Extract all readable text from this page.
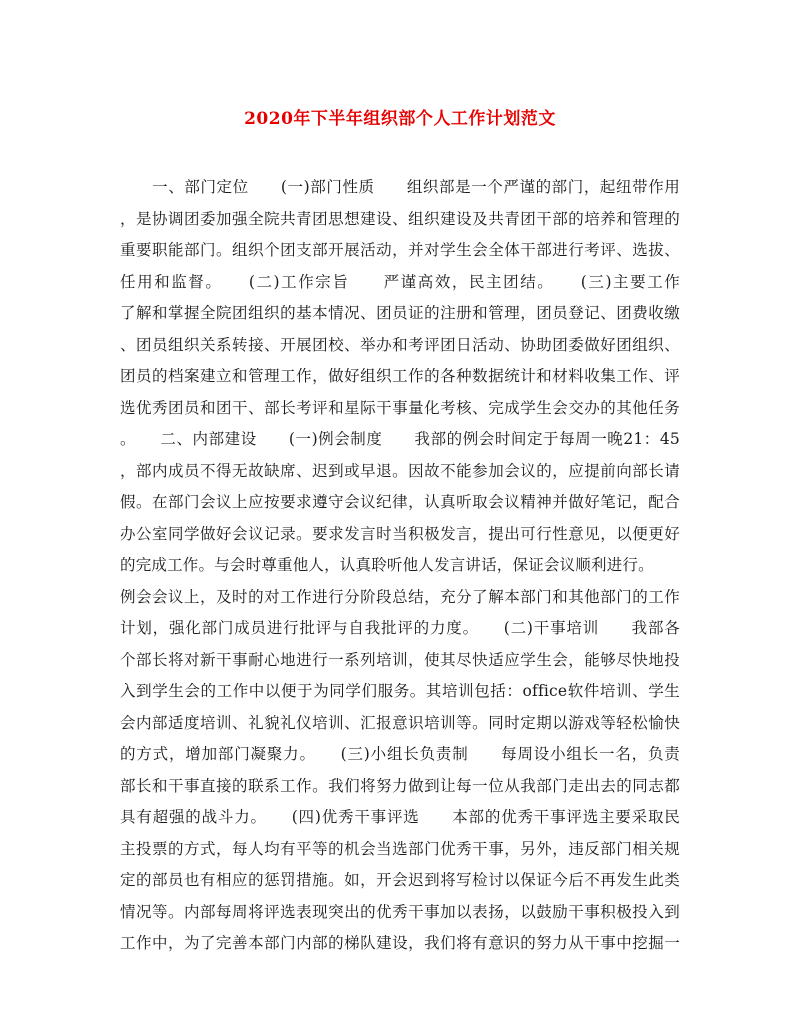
2020年下半年组织部个人工作计划范文
　　一、部门定位　　(一)部门性质　　组织部是一个严谨的部门，起纽带作用
，是协调团委加强全院共青团思想建设、组织建设及共青团干部的培养和管理的
重要职能部门。组织个团支部开展活动，并对学生会全体干部进行考评、选拔、
任用和监督。　　(二)工作宗旨　　严谨高效，民主团结。　　(三)主要工作
了解和掌握全院团组织的基本情况、团员证的注册和管理，团员登记、团费收缴
、团员组织关系转接、开展团校、举办和考评团日活动、协助团委做好团组织、
团员的档案建立和管理工作，做好组织工作的各种数据统计和材料收集工作、评
选优秀团员和团干、部长考评和星际干事量化考核、完成学生会交办的其他任务
。　　二、内部建设　　(一)例会制度　　我部的例会时间定于每周一晚21：45
，部内成员不得无故缺席、迟到或早退。因故不能参加会议的，应提前向部长请
假。在部门会议上应按要求遵守会议纪律，认真听取会议精神并做好笔记，配合
办公室同学做好会议记录。要求发言时当积极发言，提出可行性意见，以便更好
的完成工作。与会时尊重他人，认真聆听他人发言讲话，保证会议顺利进行。
例会会议上，及时的对工作进行分阶段总结，充分了解本部门和其他部门的工作
计划，强化部门成员进行批评与自我批评的力度。　　(二)干事培训　　我部各
个部长将对新干事耐心地进行一系列培训，使其尽快适应学生会，能够尽快地投
入到学生会的工作中以便于为同学们服务。其培训包括：office软件培训、学生
会内部适度培训、礼貌礼仪培训、汇报意识培训等。同时定期以游戏等轻松愉快
的方式，增加部门凝聚力。　　(三)小组长负责制　　每周设小组长一名，负责
部长和干事直接的联系工作。我们将努力做到让每一位从我部门走出去的同志都
具有超强的战斗力。　　(四)优秀干事评选　　本部的优秀干事评选主要采取民
主投票的方式，每人均有平等的机会当选部门优秀干事，另外，违反部门相关规
定的部员也有相应的惩罚措施。如，开会迟到将写检讨以保证今后不再发生此类
情况等。内部每周将评选表现突出的优秀干事加以表扬，以鼓励干事积极投入到
工作中，为了完善本部门内部的梯队建设，我们将有意识的努力从干事中挖掘一
